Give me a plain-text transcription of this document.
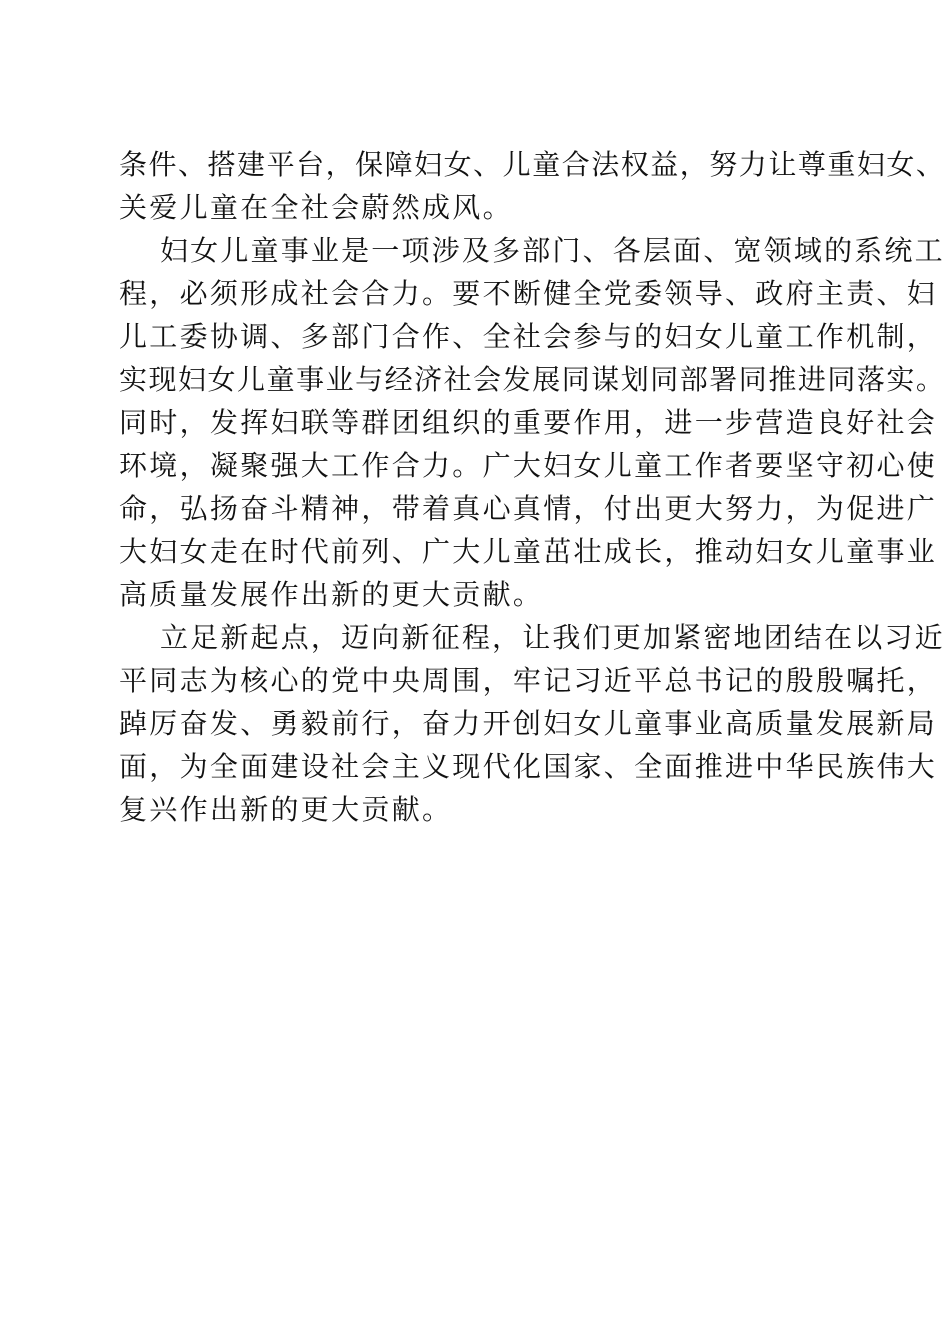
条件、搭建平台，保障妇女、儿童合法权益，努力让尊重妇女、
关爱儿童在全社会蔚然成风。
妇女儿童事业是一项涉及多部门、各层面、宽领域的系统工
程，必须形成社会合力。要不断健全党委领导、政府主责、妇
儿工委协调、多部门合作、全社会参与的妇女儿童工作机制，
实现妇女儿童事业与经济社会发展同谋划同部署同推进同落实。
同时，发挥妇联等群团组织的重要作用，进一步营造良好社会
环境，凝聚强大工作合力。广大妇女儿童工作者要坚守初心使
命，弘扬奋斗精神，带着真心真情，付出更大努力，为促进广
大妇女走在时代前列、广大儿童茁壮成长，推动妇女儿童事业
高质量发展作出新的更大贡献。
立足新起点，迈向新征程，让我们更加紧密地团结在以习近
平同志为核心的党中央周围，牢记习近平总书记的殷殷嘱托，
踔厉奋发、勇毅前行，奋力开创妇女儿童事业高质量发展新局
面，为全面建设社会主义现代化国家、全面推进中华民族伟大
复兴作出新的更大贡献。
